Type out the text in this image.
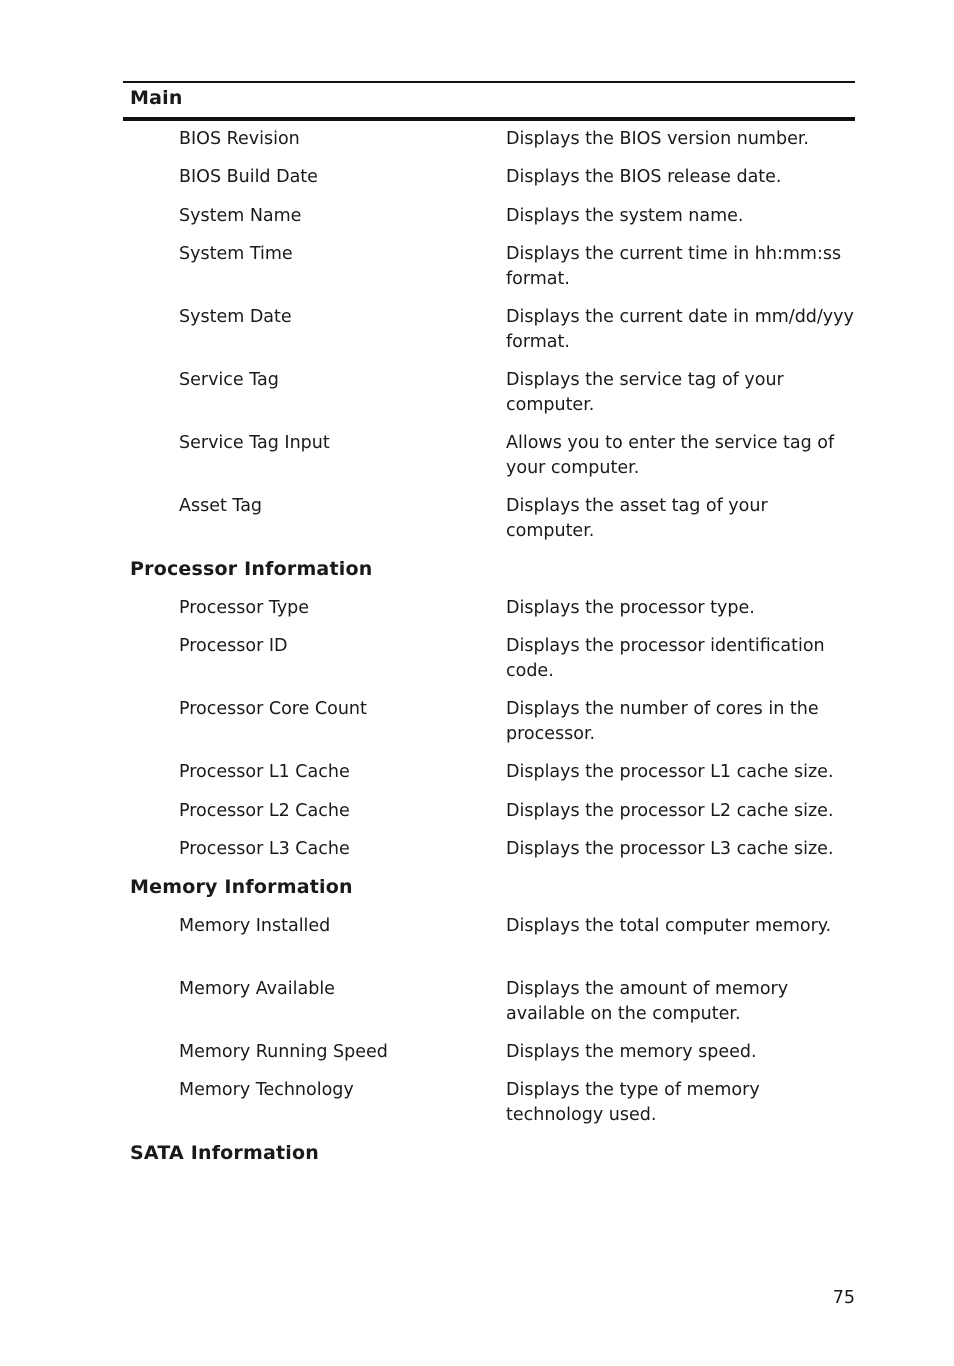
Main
BIOS Revision	Displays the BIOS version number.
BIOS Build Date	Displays the BIOS release date.
System Name	Displays the system name.
System Time	Displays the current time in hh:mm:ss format.
System Date	Displays the current date in mm/dd/yyy format.
Service Tag	Displays the service tag of your computer.
Service Tag Input	Allows you to enter the service tag of your computer.
Asset Tag	Displays the asset tag of your computer.
Processor Information
Processor Type	Displays the processor type.
Processor ID	Displays the processor identification code.
Processor Core Count	Displays the number of cores in the processor.
Processor L1 Cache	Displays the processor L1 cache size.
Processor L2 Cache	Displays the processor L2 cache size.
Processor L3 Cache	Displays the processor L3 cache size.
Memory Information
Memory Installed	Displays the total computer memory.
Memory Available	Displays the amount of memory available on the computer.
Memory Running Speed	Displays the memory speed.
Memory Technology	Displays the type of memory technology used.
SATA Information
75
